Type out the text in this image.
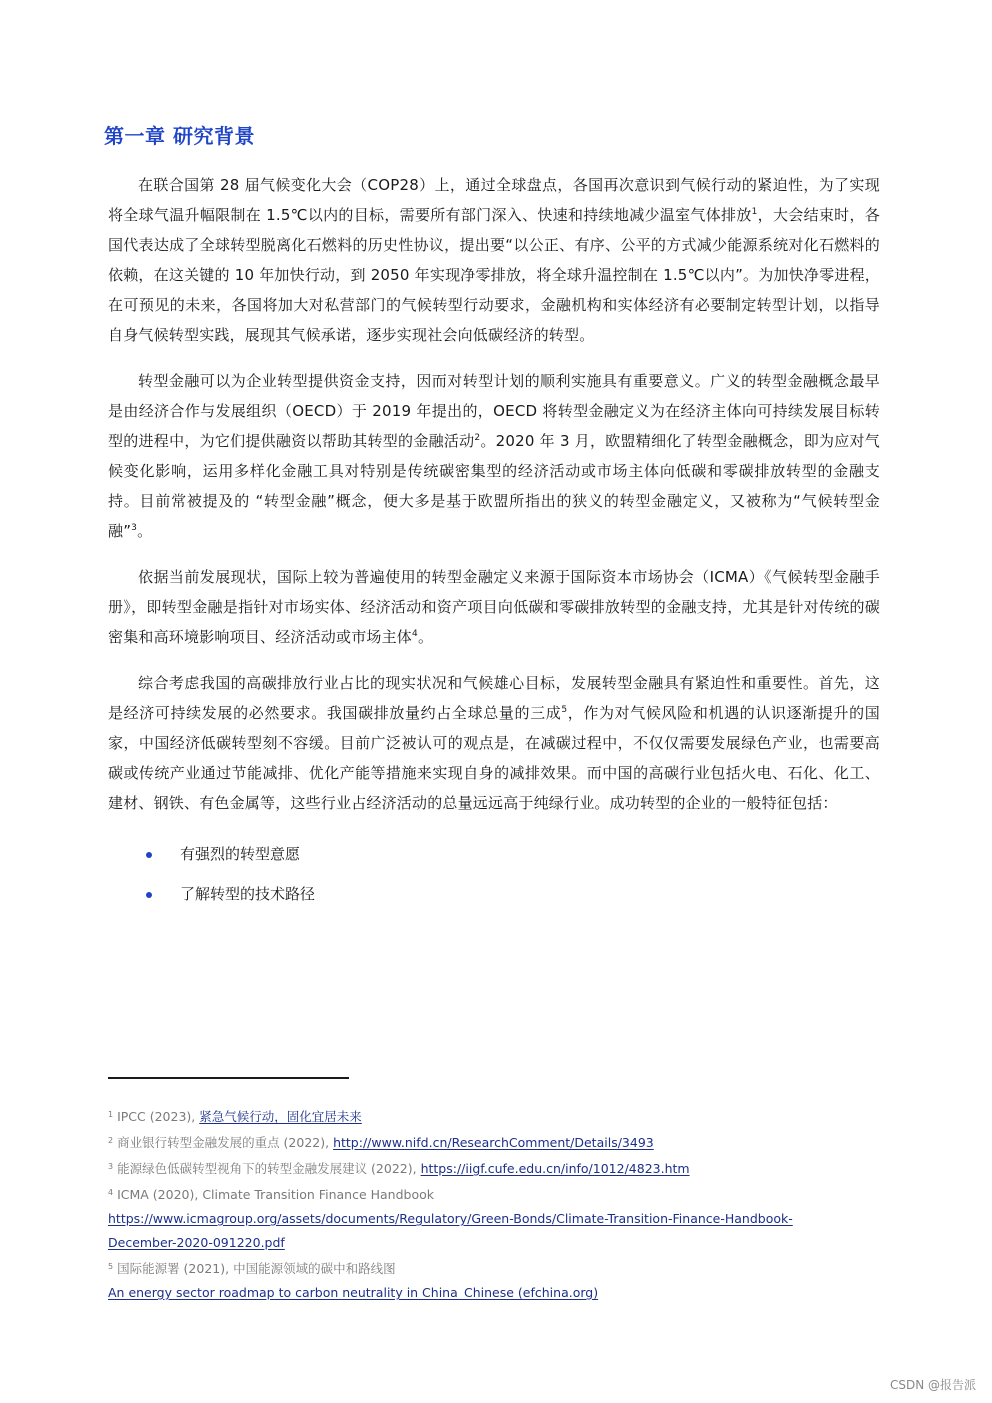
第一章 研究背景

在联合国第 28 届气候变化大会（COP28）上，通过全球盘点，各国再次意识到气候行动的紧迫性，为了实现将全球气温升幅限制在 1.5℃以内的目标，需要所有部门深入、快速和持续地减少温室气体排放$^1$，大会结束时，各国代表达成了全球转型脱离化石燃料的历史性协议，提出要“以公正、有序、公平的方式减少能源系统对化石燃料的依赖，在这关键的 10 年加快行动，到 2050 年实现净零排放，将全球升温控制在 1.5℃以内”。为加快净零进程，在可预见的未来，各国将加大对私营部门的气候转型行动要求，金融机构和实体经济有必要制定转型计划，以指导自身气候转型实践，展现其气候承诺，逐步实现社会向低碳经济的转型。

转型金融可以为企业转型提供资金支持，因而对转型计划的顺利实施具有重要意义。广义的转型金融概念最早是由经济合作与发展组织（OECD）于 2019 年提出的，OECD 将转型金融定义为在经济主体向可持续发展目标转型的进程中，为它们提供融资以帮助其转型的金融活动$^2$。2020 年 3 月，欧盟精细化了转型金融概念，即为应对气候变化影响，运用多样化金融工具对特别是传统碳密集型的经济活动或市场主体向低碳和零碳排放转型的金融支持。目前常被提及的 “转型金融”概念，便大多是基于欧盟所指出的狭义的转型金融定义，又被称为“气候转型金融”$^3$。

依据当前发展现状，国际上较为普遍使用的转型金融定义来源于国际资本市场协会（ICMA）《气候转型金融手册》，即转型金融是指针对市场实体、经济活动和资产项目向低碳和零碳排放转型的金融支持，尤其是针对传统的碳密集和高环境影响项目、经济活动或市场主体$^4$。

综合考虑我国的高碳排放行业占比的现实状况和气候雄心目标，发展转型金融具有紧迫性和重要性。首先，这是经济可持续发展的必然要求。我国碳排放量约占全球总量的三成$^5$，作为对气候风险和机遇的认识逐渐提升的国家，中国经济低碳转型刻不容缓。目前广泛被认可的观点是，在减碳过程中，不仅仅需要发展绿色产业，也需要高碳或传统产业通过节能减排、优化产能等措施来实现自身的减排效果。而中国的高碳行业包括火电、石化、化工、建材、钢铁、有色金属等，这些行业占经济活动的总量远远高于纯绿行业。成功转型的企业的一般特征包括：

有强烈的转型意愿
了解转型的技术路径
$^1$ IPCC (2023), 紧急气候行动，固化宜居未来
$^2$ 商业银行转型金融发展的重点 (2022), http://www.nifd.cn/ResearchComment/Details/3493
$^3$ 能源绿色低碳转型视角下的转型金融发展建议 (2022), https://iigf.cufe.edu.cn/info/1012/4823.htm
$^4$ ICMA (2020), Climate Transition Finance Handbook
https://www.icmagroup.org/assets/documents/Regulatory/Green-Bonds/Climate-Transition-Finance-Handbook-
December-2020-091220.pdf
$^5$ 国际能源署 (2021), 中国能源领域的碳中和路线图
An energy sector roadmap to carbon neutrality in China_Chinese (efchina.org)
CSDN @报告派
